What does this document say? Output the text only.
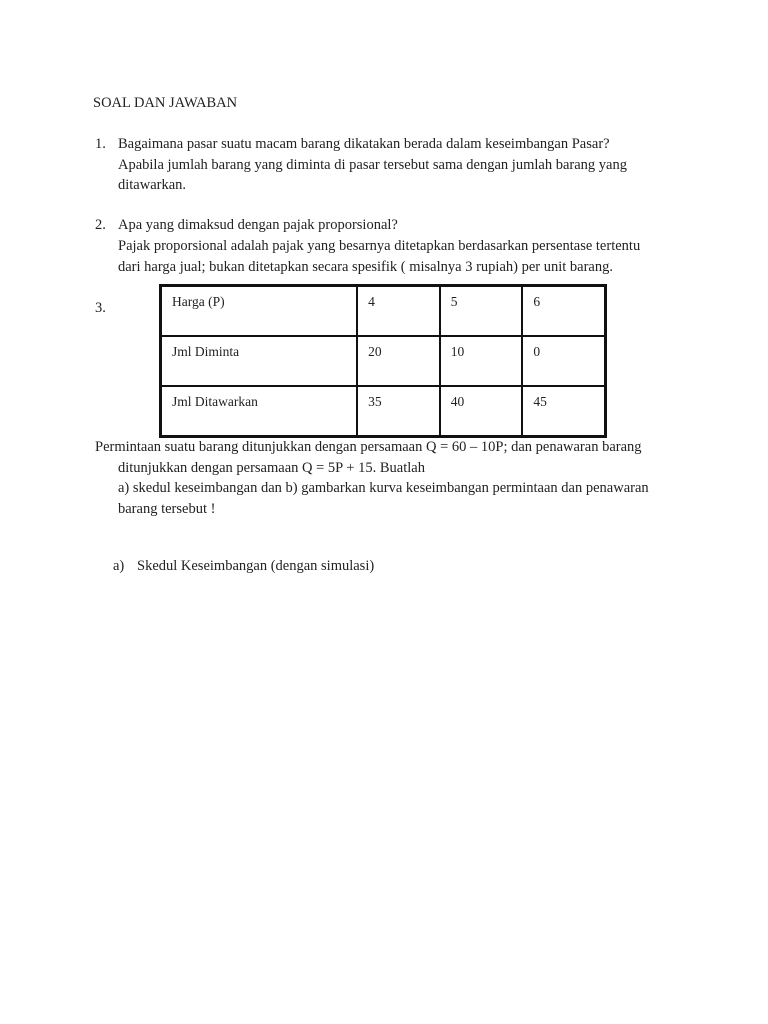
SOAL DAN JAWABAN
1. Bagaimana pasar suatu macam barang dikatakan berada dalam keseimbangan Pasar?
Apabila jumlah barang yang diminta di pasar tersebut sama dengan jumlah barang yang
ditawarkan.
2. Apa yang dimaksud dengan pajak proporsional?
Pajak proporsional adalah pajak yang besarnya ditetapkan berdasarkan persentase tertentu
dari harga jual; bukan ditetapkan secara spesifik ( misalnya 3 rupiah) per unit barang.
3.	Harga (P)	4	5	6
Jml Diminta	20	10	0
Jml Ditawarkan	35	40	45
Permintaan suatu barang ditunjukkan dengan persamaan Q = 60 – 10P; dan penawaran barang
ditunjukkan dengan persamaan Q = 5P + 15. Buatlah
a) skedul keseimbangan dan b) gambarkan kurva keseimbangan permintaan dan penawaran
barang tersebut !
a) Skedul Keseimbangan (dengan simulasi)
